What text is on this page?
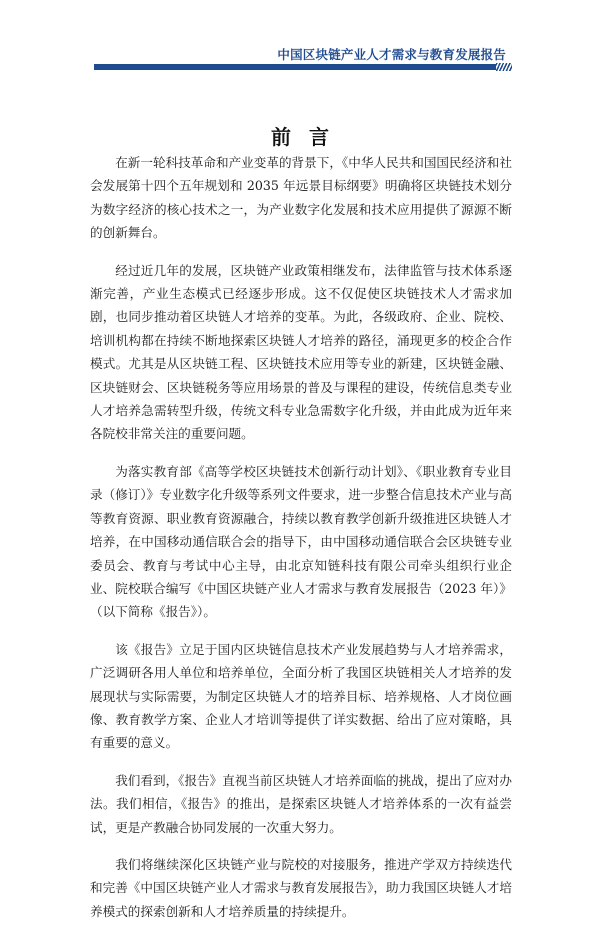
中国区块链产业人才需求与教育发展报告
前言

在新一轮科技革命和产业变革的背景下，《中华人民共和国国民经济和社会发展第十四个五年规划和 2035 年远景目标纲要》明确将区块链技术划分为数字经济的核心技术之一，为产业数字化发展和技术应用提供了源源不断的创新舞台。

经过近几年的发展，区块链产业政策相继发布，法律监管与技术体系逐渐完善，产业生态模式已经逐步形成。这不仅促使区块链技术人才需求加剧，也同步推动着区块链人才培养的变革。为此，各级政府、企业、院校、培训机构都在持续不断地探索区块链人才培养的路径，涌现更多的校企合作模式。尤其是从区块链工程、区块链技术应用等专业的新建，区块链金融、区块链财会、区块链税务等应用场景的普及与课程的建设，传统信息类专业人才培养急需转型升级，传统文科专业急需数字化升级，并由此成为近年来各院校非常关注的重要问题。

为落实教育部《高等学校区块链技术创新行动计划》、《职业教育专业目录（修订）》专业数字化升级等系列文件要求，进一步整合信息技术产业与高等教育资源、职业教育资源融合，持续以教育教学创新升级推进区块链人才培养，在中国移动通信联合会的指导下，由中国移动通信联合会区块链专业委员会、教育与考试中心主导，由北京知链科技有限公司牵头组织行业企业、院校联合编写《中国区块链产业人才需求与教育发展报告（2023 年）》（以下简称《报告》）。

该《报告》立足于国内区块链信息技术产业发展趋势与人才培养需求，广泛调研各用人单位和培养单位，全面分析了我国区块链相关人才培养的发展现状与实际需要，为制定区块链人才的培养目标、培养规格、人才岗位画像、教育教学方案、企业人才培训等提供了详实数据、给出了应对策略，具有重要的意义。

我们看到，《报告》直视当前区块链人才培养面临的挑战，提出了应对办法。我们相信，《报告》的推出，是探索区块链人才培养体系的一次有益尝试，更是产教融合协同发展的一次重大努力。

我们将继续深化区块链产业与院校的对接服务，推进产学双方持续迭代和完善《中国区块链产业人才需求与教育发展报告》，助力我国区块链人才培养模式的探索创新和人才培养质量的持续提升。
